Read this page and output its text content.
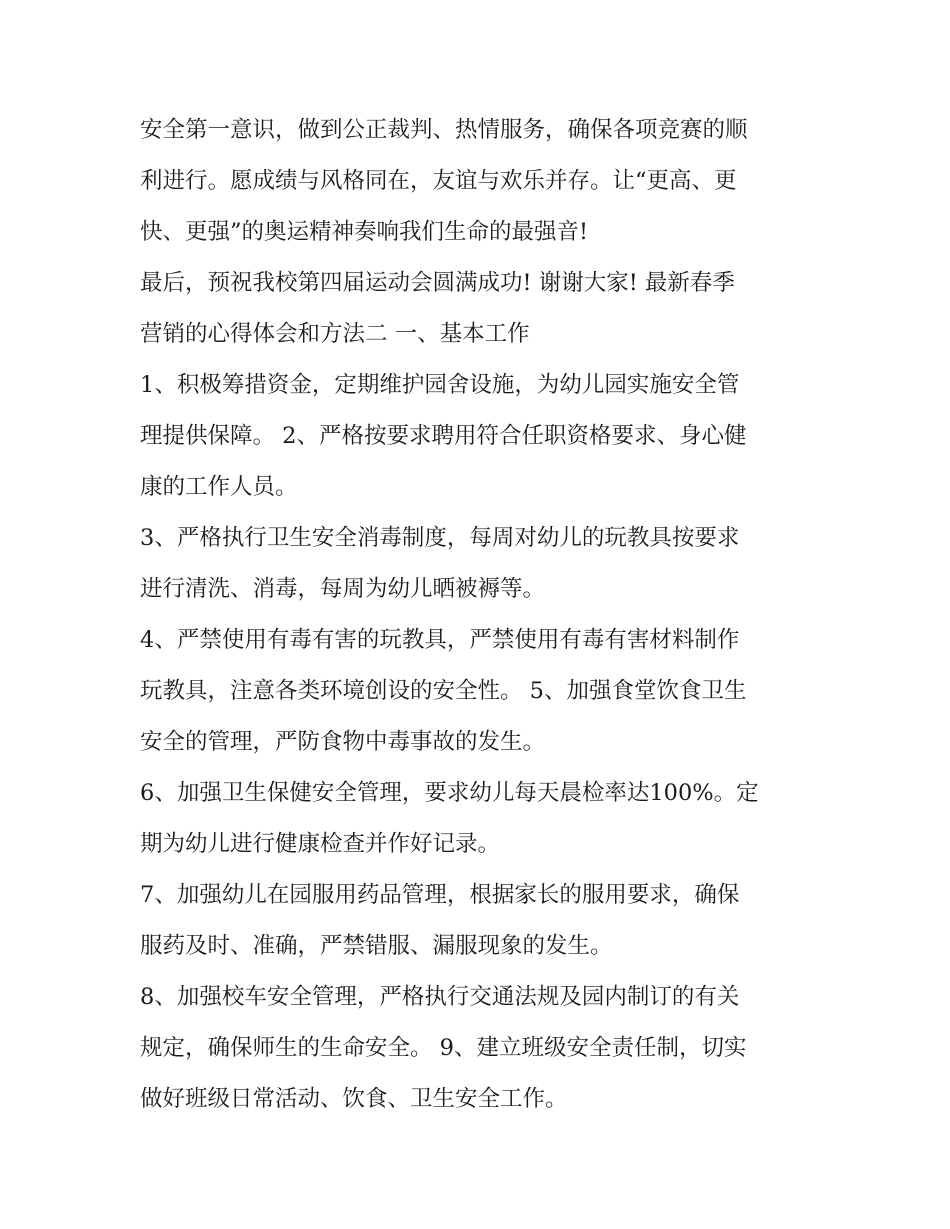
安全第一意识，做到公正裁判、热情服务，确保各项竞赛的顺
利进行。愿成绩与风格同在，友谊与欢乐并存。让“更高、更
快、更强”的奥运精神奏响我们生命的最强音!
最后，预祝我校第四届运动会圆满成功! 谢谢大家! 最新春季
营销的心得体会和方法二 一、基本工作
1、积极筹措资金，定期维护园舍设施，为幼儿园实施安全管
理提供保障。 2、严格按要求聘用符合任职资格要求、身心健
康的工作人员。
3、严格执行卫生安全消毒制度，每周对幼儿的玩教具按要求
进行清洗、消毒，每周为幼儿晒被褥等。
4、严禁使用有毒有害的玩教具，严禁使用有毒有害材料制作
玩教具，注意各类环境创设的安全性。 5、加强食堂饮食卫生
安全的管理，严防食物中毒事故的发生。
6、加强卫生保健安全管理，要求幼儿每天晨检率达100%。定
期为幼儿进行健康检查并作好记录。
7、加强幼儿在园服用药品管理，根据家长的服用要求，确保
服药及时、准确，严禁错服、漏服现象的发生。
8、加强校车安全管理，严格执行交通法规及园内制订的有关
规定，确保师生的生命安全。 9、建立班级安全责任制，切实
做好班级日常活动、饮食、卫生安全工作。
